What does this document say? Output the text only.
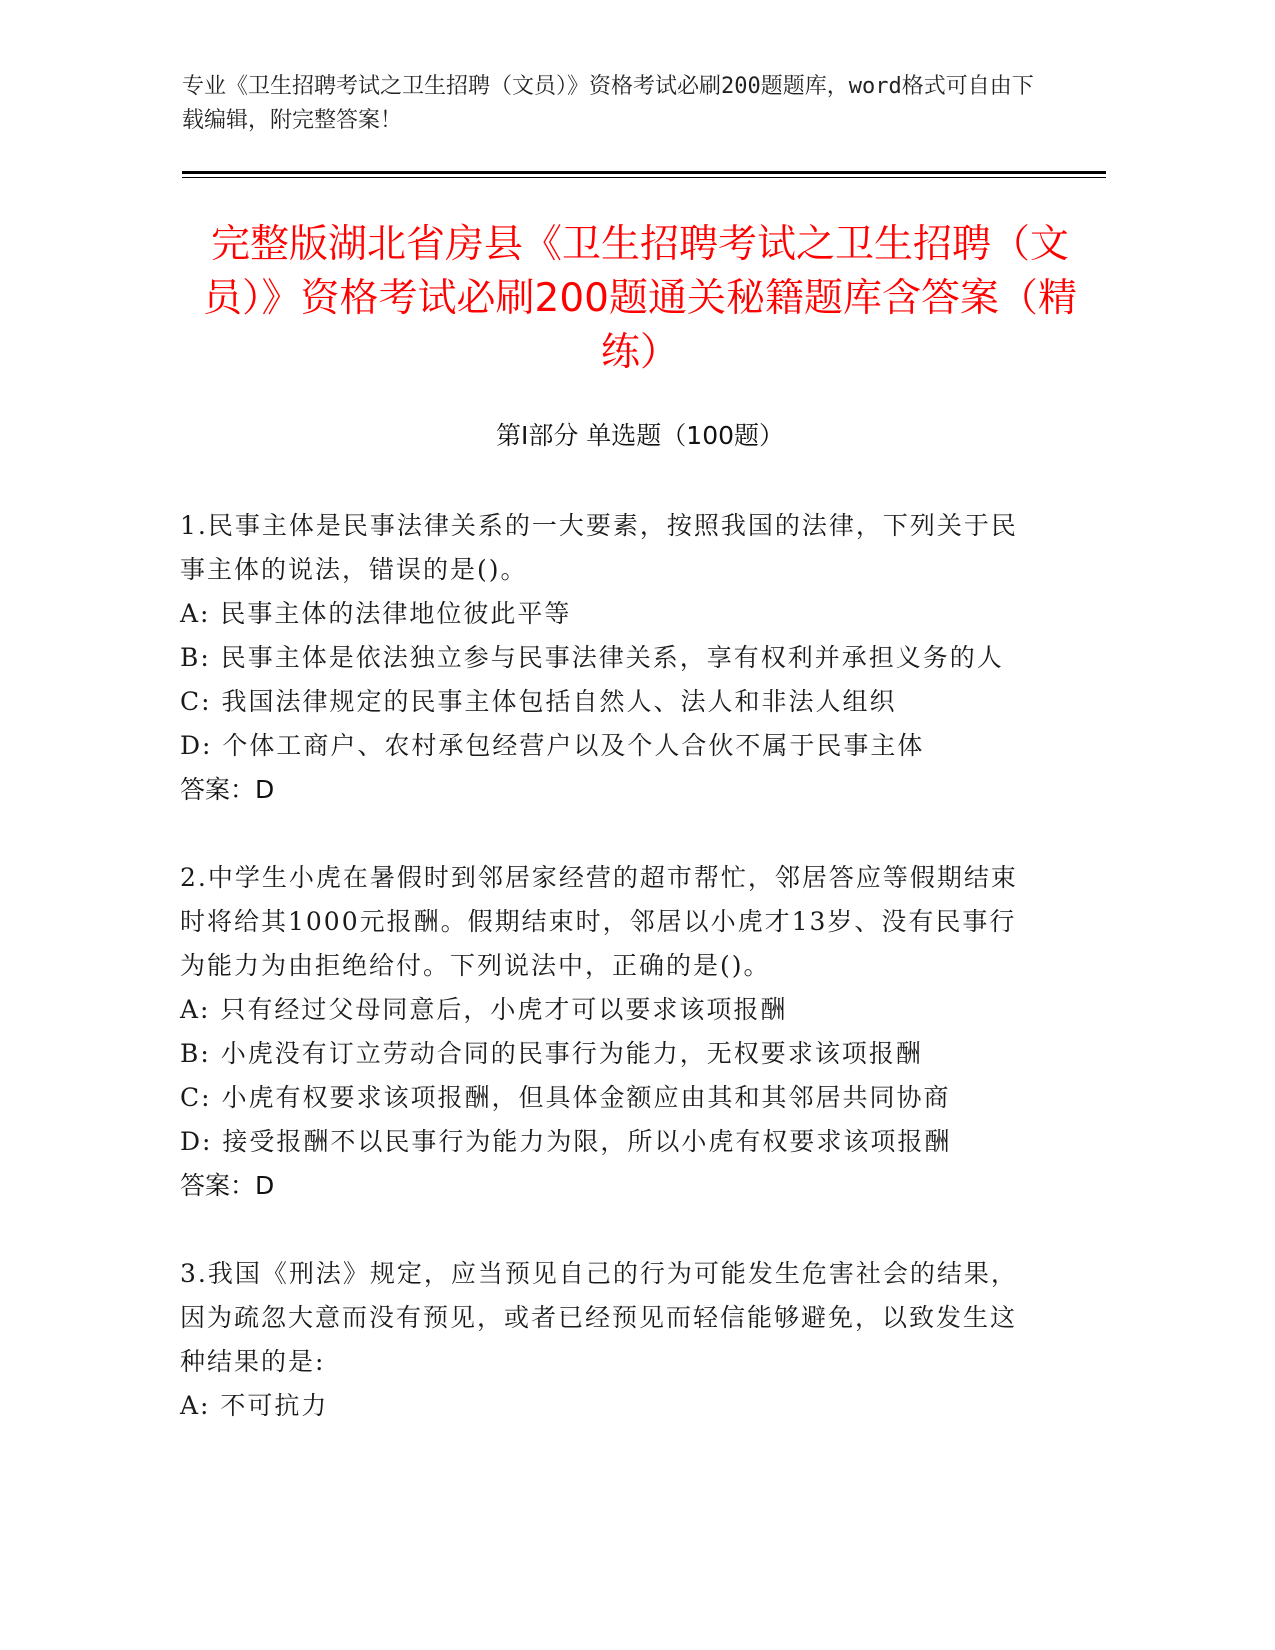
专业《卫生招聘考试之卫生招聘（文员）》资格考试必刷200题题库，word格式可自由下载编辑，附完整答案！
完整版湖北省房县《卫生招聘考试之卫生招聘（文员）》资格考试必刷200题通关秘籍题库含答案（精练）
第Ⅰ部分 单选题（100题）
1.民事主体是民事法律关系的一大要素，按照我国的法律，下列关于民事主体的说法，错误的是()。
A: 民事主体的法律地位彼此平等
B: 民事主体是依法独立参与民事法律关系，享有权利并承担义务的人
C: 我国法律规定的民事主体包括自然人、法人和非法人组织
D: 个体工商户、农村承包经营户以及个人合伙不属于民事主体
答案：D
2.中学生小虎在暑假时到邻居家经营的超市帮忙，邻居答应等假期结束时将给其1000元报酬。假期结束时，邻居以小虎才13岁、没有民事行为能力为由拒绝给付。下列说法中，正确的是()。
A: 只有经过父母同意后，小虎才可以要求该项报酬
B: 小虎没有订立劳动合同的民事行为能力，无权要求该项报酬
C: 小虎有权要求该项报酬，但具体金额应由其和其邻居共同协商
D: 接受报酬不以民事行为能力为限，所以小虎有权要求该项报酬
答案：D
3.我国《刑法》规定，应当预见自己的行为可能发生危害社会的结果，因为疏忽大意而没有预见，或者已经预见而轻信能够避免，以致发生这种结果的是:
A: 不可抗力
